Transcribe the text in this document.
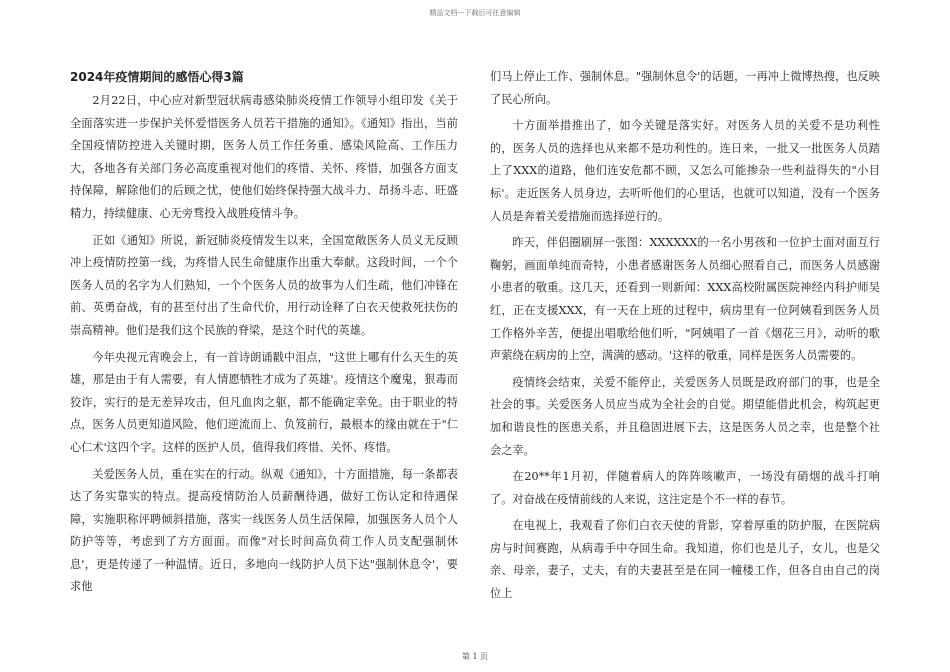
精品文档---下载后可任意编辑
2024年疫情期间的感悟心得3篇

2月22日，中心应对新型冠状病毒感染肺炎疫情工作领导小组印发《关于全面落实进一步保护关怀爱惜医务人员若干措施的通知》。《通知》指出，当前全国疫情防控进入关键时期，医务人员工作任务重、感染风险高、工作压力大，各地各有关部门务必高度重视对他们的疼惜、关怀、疼惜，加强各方面支持保障，解除他们的后顾之忧，使他们始终保持强大战斗力、昂扬斗志、旺盛精力，持续健康、心无旁骛投入战胜疫情斗争。

正如《通知》所说，新冠肺炎疫情发生以来，全国宽敞医务人员义无反顾冲上疫情防控第一线，为疼惜人民生命健康作出重大奉献。这段时间，一个个医务人员的名字为人们熟知，一个个医务人员的故事为人们生疏，他们冲锋在前、英勇奋战，有的甚至付出了生命代价，用行动诠释了白衣天使救死扶伤的崇高精神。他们是我们这个民族的脊梁，是这个时代的英雄。

今年央视元宵晚会上，有一首诗朗诵戳中泪点，"这世上哪有什么天生的英雄，那是由于有人需要，有人情愿牺牲才成为了英雄'。疫情这个魔鬼，狠毒而狡诈，实行的是无差异攻击，但凡血肉之躯，都不能确定幸免。由于职业的特点，医务人员更知道风险，他们逆流而上、负笈前行，最根本的缘由就在于"仁心仁术'这四个字。这样的医护人员，值得我们疼惜、关怀、疼惜。

关爱医务人员，重在实在的行动。纵观《通知》，十方面措施，每一条都表达了务实靠实的特点。提高疫情防治人员薪酬待遇，做好工伤认定和待遇保障，实施职称评聘倾斜措施，落实一线医务人员生活保障，加强医务人员个人防护等等，考虑到了方方面面。而像"对长时间高负荷工作人员支配强制休息'，更是传递了一种温情。近日，多地向一线防护人员下达"强制休息令'，要求他

们马上停止工作、强制休息。"强制休息令'的话题，一再冲上微博热搜，也反映了民心所向。

十方面举措推出了，如今关键是落实好。对医务人员的关爱不是功利性的，医务人员的选择也从来都不是功利性的。连日来，一批又一批医务人员踏上了XXX的道路，他们连安危都不顾，又怎么可能掺杂一些利益得失的"小目标'。走近医务人员身边，去听听他们的心里话，也就可以知道，没有一个医务人员是奔着关爱措施而选择逆行的。

昨天，伴侣圈刷屏一张图：XXXXXX的一名小男孩和一位护士面对面互行鞠躬，画面单纯而奇特，小患者感谢医务人员细心照看自己，而医务人员感谢小患者的敬重。这几天，还看到一则新闻：XXX高校附属医院神经内科护师吴红，正在支援XXX，有一天在上班的过程中，病房里有一位阿姨看到医务人员工作格外辛苦，便提出唱歌给他们听，"阿姨唱了一首《烟花三月》，动听的歌声萦绕在病房的上空，满满的感动。'这样的敬重，同样是医务人员需要的。

疫情终会结束，关爱不能停止，关爱医务人员既是政府部门的事，也是全社会的事。关爱医务人员应当成为全社会的自觉。期望能借此机会，构筑起更加和谐良性的医患关系，并且稳固进展下去，这是医务人员之幸，也是整个社会之幸。

在20**年1月初，伴随着病人的阵阵咳嗽声，一场没有硝烟的战斗打响了。对奋战在疫情前线的人来说，这注定是个不一样的春节。

在电视上，我观看了你们白衣天使的背影，穿着厚重的防护服，在医院病房与时间赛跑，从病毒手中夺回生命。我知道，你们也是儿子，女儿，也是父亲、母亲，妻子，丈夫，有的夫妻甚至是在同一幢楼工作，但各自由自己的岗位上

第 1 页
